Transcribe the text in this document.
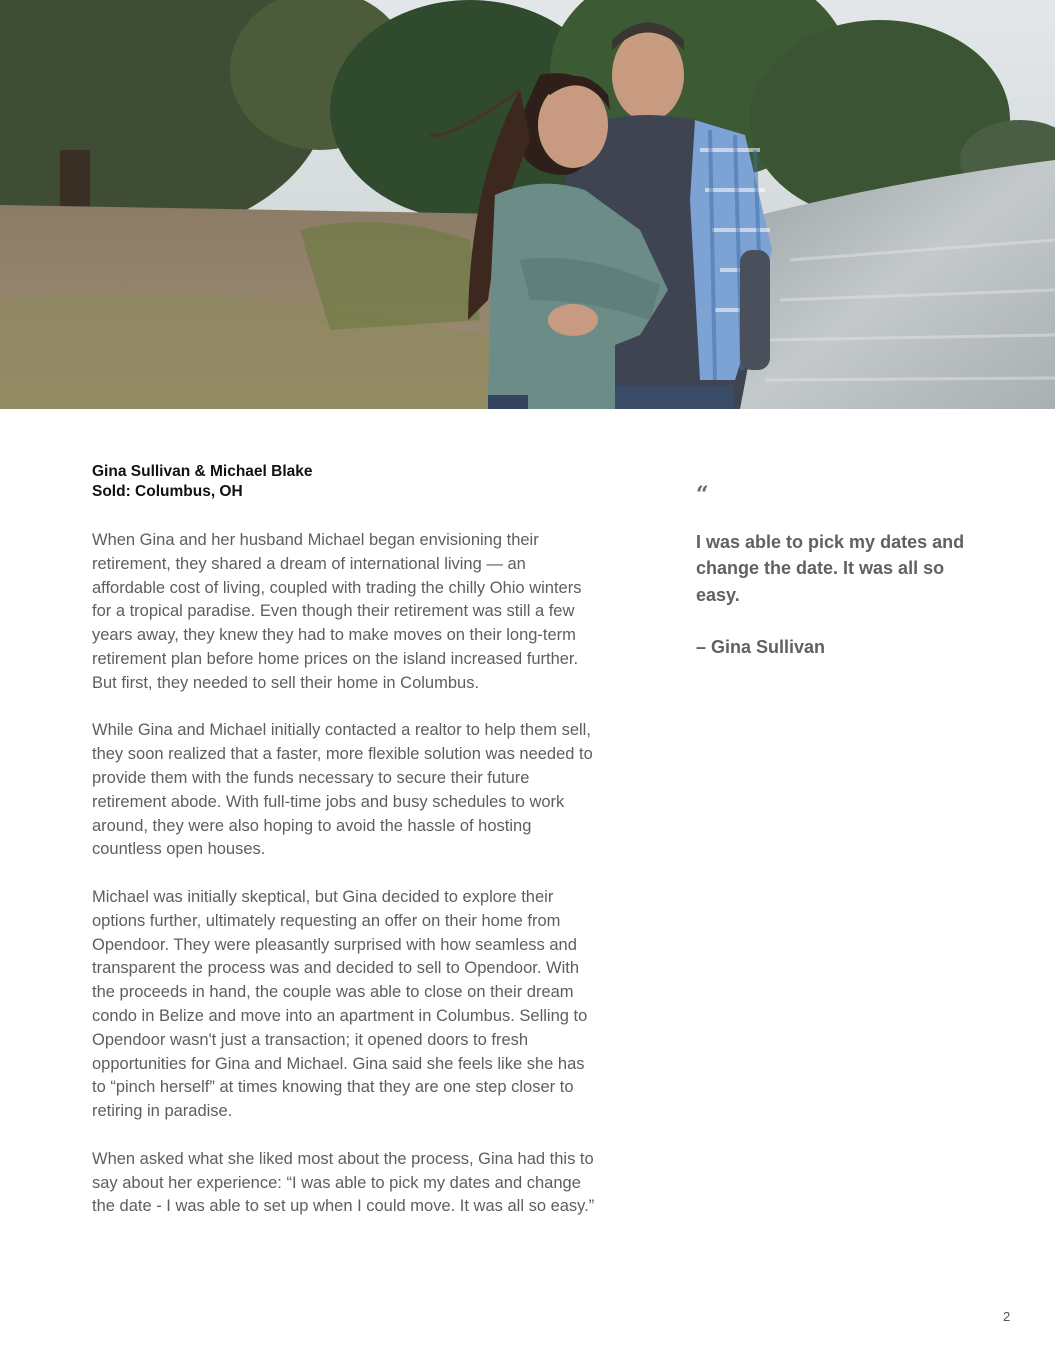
Gina Sullivan & Michael Blake
Sold: Columbus, OH

When Gina and her husband Michael began envisioning their retirement, they shared a dream of international living — an affordable cost of living, coupled with trading the chilly Ohio winters for a tropical paradise. Even though their retirement was still a few years away, they knew they had to make moves on their long-term retirement plan before home prices on the island increased further. But first, they needed to sell their home in Columbus.

While Gina and Michael initially contacted a realtor to help them sell, they soon realized that a faster, more flexible solution was needed to provide them with the funds necessary to secure their future retirement abode. With full-time jobs and busy schedules to work around, they were also hoping to avoid the hassle of hosting countless open houses.

Michael was initially skeptical, but Gina decided to explore their options further, ultimately requesting an offer on their home from Opendoor. They were pleasantly surprised with how seamless and transparent the process was and decided to sell to Opendoor. With the proceeds in hand, the couple was able to close on their dream condo in Belize and move into an apartment in Columbus. Selling to Opendoor wasn't just a transaction; it opened doors to fresh opportunities for Gina and Michael. Gina said she feels like she has to “pinch herself” at times knowing that they are one step closer to retiring in paradise.

When asked what she liked most about the process, Gina had this to say about her experience: “I was able to pick my dates and change the date - I was able to set up when I could move. It was all so easy.”

“
I was able to pick my dates and change the date. It was all so easy.
– Gina Sullivan
2
